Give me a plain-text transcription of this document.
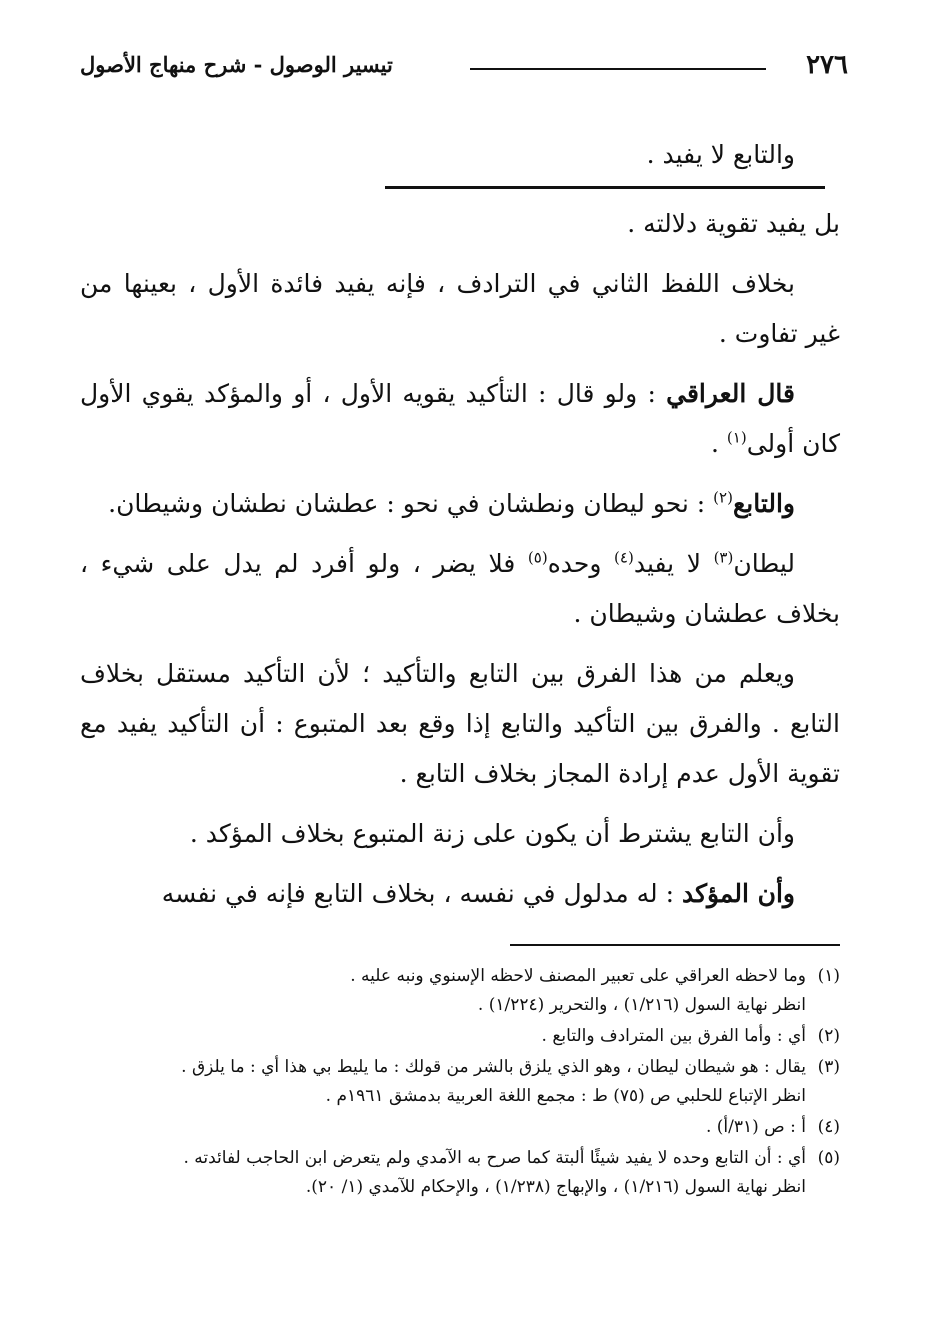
٢٧٦
تيسير الوصول - شرح منهاج الأصول

والتابع لا يفيد .

بل يفيد تقوية دلالته .

بخلاف اللفظ الثاني في الترادف ، فإنه يفيد فائدة الأول ، بعينها من غير تفاوت .

قال العراقي : ولو قال : التأكيد يقويه الأول ، أو والمؤكد يقوي الأول كان أولى$^{(١)}$ .

والتابع$^{(٢)}$ : نحو ليطان ونطشان في نحو : عطشان نطشان وشيطان.

ليطان$^{(٣)}$ لا يفيد$^{(٤)}$ وحده$^{(٥)}$ فلا يضر ، ولو أفرد لم يدل على شيء ، بخلاف عطشان وشيطان .

ويعلم من هذا الفرق بين التابع والتأكيد ؛ لأن التأكيد مستقل بخلاف التابع . والفرق بين التأكيد والتابع إذا وقع بعد المتبوع : أن التأكيد يفيد مع تقوية الأول عدم إرادة المجاز بخلاف التابع .

وأن التابع يشترط أن يكون على زنة المتبوع بخلاف المؤكد .

وأن المؤكد : له مدلول في نفسه ، بخلاف التابع فإنه في نفسه

(١)وما لاحظه العراقي على تعبير المصنف لاحظه الإسنوي ونبه عليه .
انظر نهاية السول (١/٢١٦) ، والتحرير (١/٢٢٤) .
(٢)أي : وأما الفرق بين المترادف والتابع .
(٣)يقال : هو شيطان ليطان ، وهو الذي يلزق بالشر من قولك : ما يليط بي هذا أي : ما يلزق .
انظر الإتباع للحلبي ص (٧٥) ط : مجمع اللغة العربية بدمشق ١٩٦١م .
(٤)أ : ص (٣١/أ) .
(٥)أي : أن التابع وحده لا يفيد شيئًا ألبتة كما صرح به الآمدي ولم يتعرض ابن الحاجب لفائدته .
انظر نهاية السول (١/٢١٦) ، والإبهاج (١/٢٣٨) ، والإحكام للآمدي (١/ ٢٠).
